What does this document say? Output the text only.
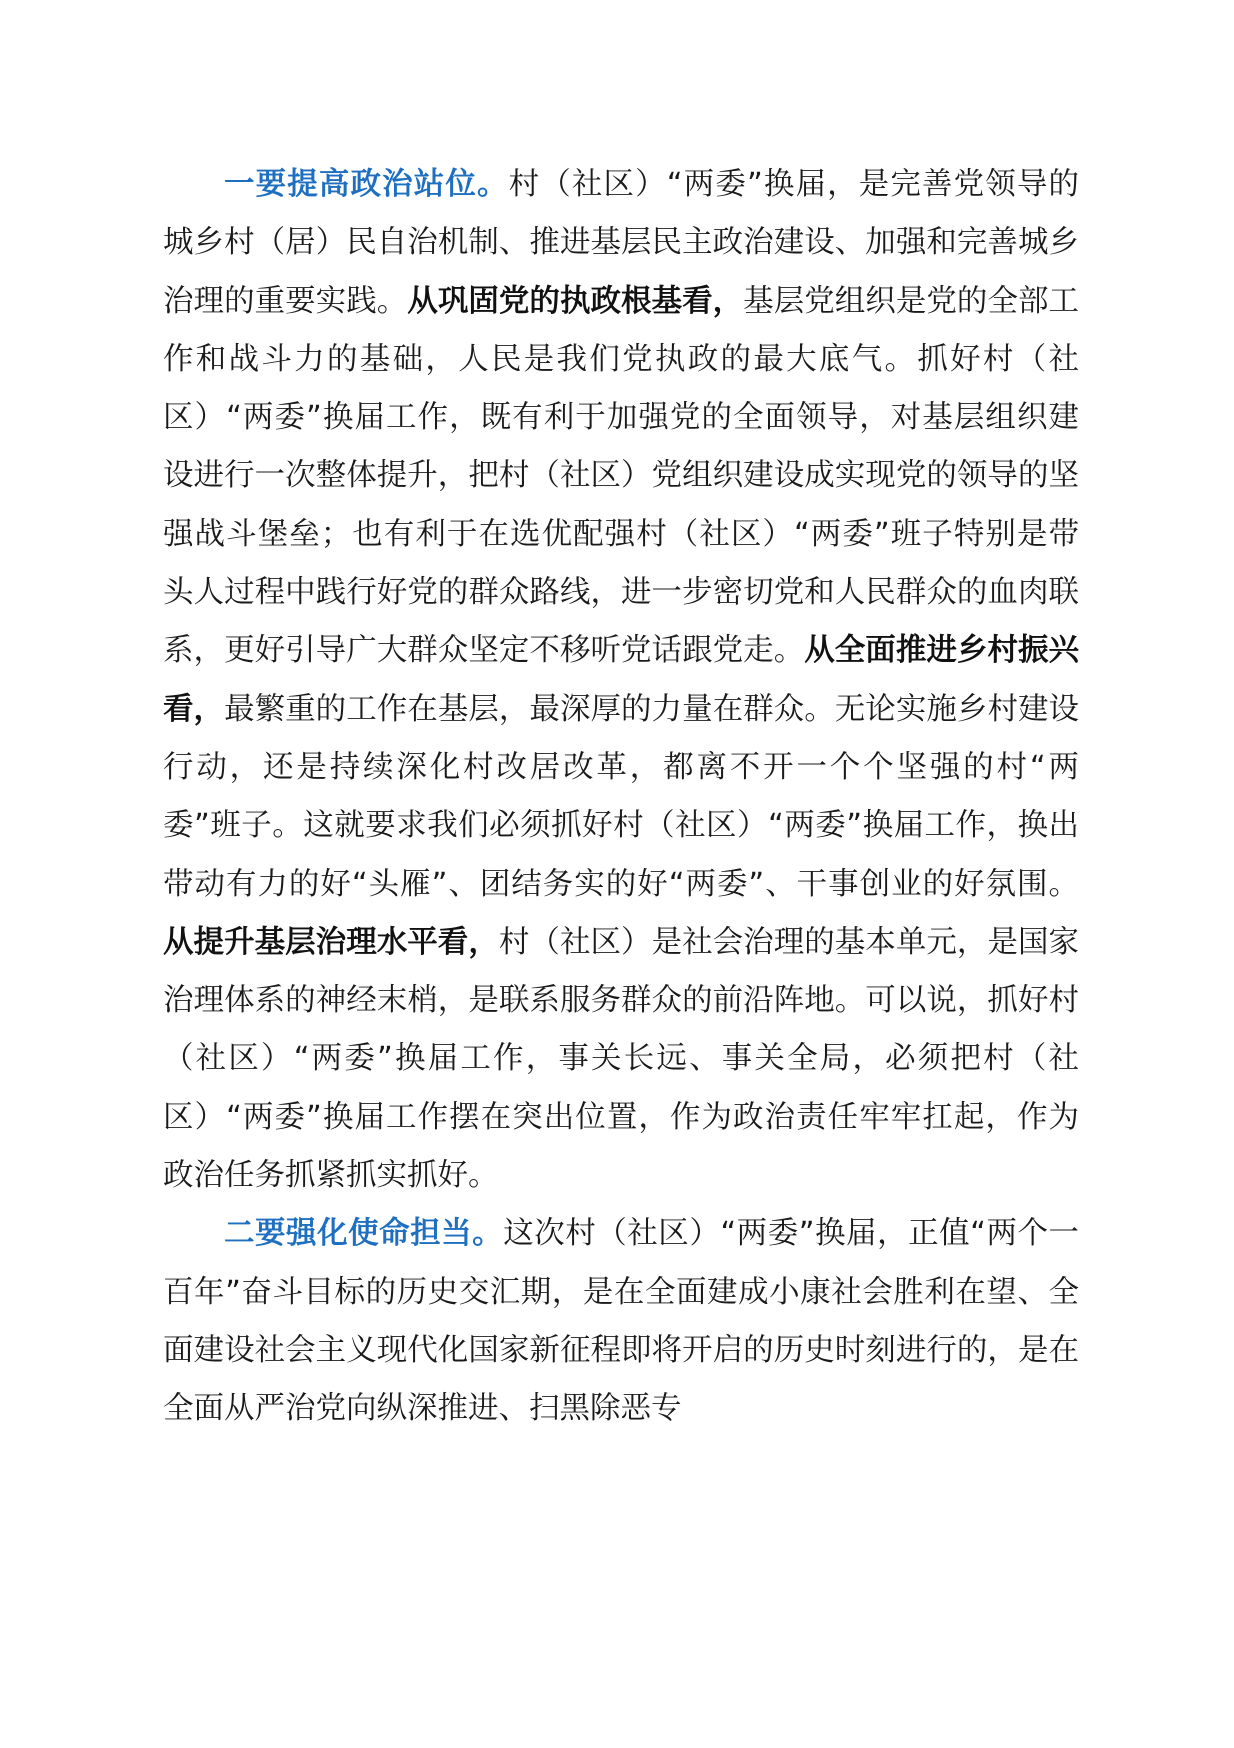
一要提高政治站位。村（社区）“两委”换届，是完善党领导的城乡村（居）民自治机制、推进基层民主政治建设、加强和完善城乡治理的重要实践。从巩固党的执政根基看，基层党组织是党的全部工作和战斗力的基础，人民是我们党执政的最大底气。抓好村（社区）“两委”换届工作，既有利于加强党的全面领导，对基层组织建设进行一次整体提升，把村（社区）党组织建设成实现党的领导的坚强战斗堡垒；也有利于在选优配强村（社区）“两委”班子特别是带头人过程中践行好党的群众路线，进一步密切党和人民群众的血肉联系，更好引导广大群众坚定不移听党话跟党走。从全面推进乡村振兴看，最繁重的工作在基层，最深厚的力量在群众。无论实施乡村建设行动，还是持续深化村改居改革，都离不开一个个坚强的村“两委”班子。这就要求我们必须抓好村（社区）“两委”换届工作，换出带动有力的好“头雁”、团结务实的好“两委”、干事创业的好氛围。从提升基层治理水平看，村（社区）是社会治理的基本单元，是国家治理体系的神经末梢，是联系服务群众的前沿阵地。可以说，抓好村（社区）“两委”换届工作，事关长远、事关全局，必须把村（社区）“两委”换届工作摆在突出位置，作为政治责任牢牢扛起，作为政治任务抓紧抓实抓好。

二要强化使命担当。这次村（社区）“两委”换届，正值“两个一百年”奋斗目标的历史交汇期，是在全面建成小康社会胜利在望、全面建设社会主义现代化国家新征程即将开启的历史时刻进行的，是在全面从严治党向纵深推进、扫黑除恶专
